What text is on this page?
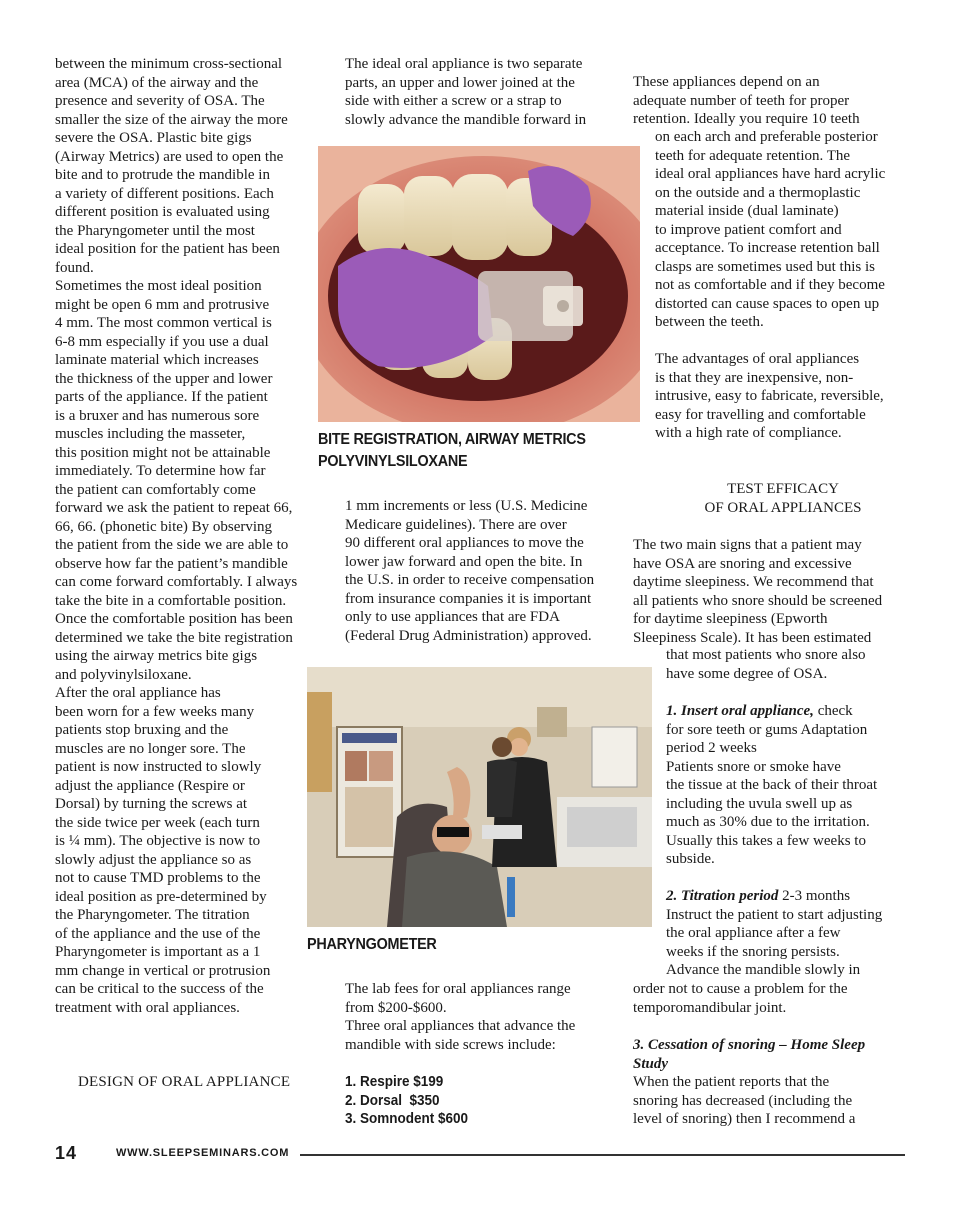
between the minimum cross-sectional
area (MCA) of the airway and the
presence and severity of OSA. The
smaller the size of the airway the more
severe the OSA. Plastic bite gigs
(Airway Metrics) are used to open the
bite and to protrude the mandible in
a variety of different positions. Each
different position is evaluated using
the Pharyngometer until the most
ideal position for the patient has been
found.

Sometimes the most ideal position
might be open 6 mm and protrusive
4 mm. The most common vertical is
6-8 mm especially if you use a dual
laminate material which increases
the thickness of the upper and lower
parts of the appliance. If the patient
is a bruxer and has numerous sore
muscles including the masseter,
this position might not be attainable
immediately. To determine how far
the patient can comfortably come
forward we ask the patient to repeat 66,
66, 66. (phonetic bite) By observing
the patient from the side we are able to
observe how far the patient’s mandible
can come forward comfortably. I always
take the bite in a comfortable position.
Once the comfortable position has been
determined we take the bite registration
using the airway metrics bite gigs
and polyvinylsiloxane.

After the oral appliance has
been worn for a few weeks many
patients stop bruxing and the
muscles are no longer sore. The
patient is now instructed to slowly
adjust the appliance (Respire or
Dorsal) by turning the screws at
the side twice per week (each turn
is ¼ mm). The objective is now to
slowly adjust the appliance so as
not to cause TMD problems to the
ideal position as pre-determined by
the Pharyngometer. The titration
of the appliance and the use of the
Pharyngometer is important as a 1
mm change in vertical or protrusion
can be critical to the success of the
treatment with oral appliances.

DESIGN OF ORAL APPLIANCE

The ideal oral appliance is two separate
parts, an upper and lower joined at the
side with either a screw or a strap to
slowly advance the mandible forward in

BITE REGISTRATION, AIRWAY METRICS
POLYVINYLSILOXANE

1 mm increments or less (U.S. Medicine
Medicare guidelines). There are over
90 different oral appliances to move the
lower jaw forward and open the bite. In
the U.S. in order to receive compensation
from insurance companies it is important
only to use appliances that are FDA
(Federal Drug Administration) approved.

PHARYNGOMETER

The lab fees for oral appliances range
from $200-$600.
Three oral appliances that advance the
mandible with side screws include:

1. Respire $199
2. Dorsal  $350
3. Somnodent $600

These appliances depend on an
adequate number of teeth for proper
retention. Ideally you require 10 teeth

on each arch and preferable posterior
teeth for adequate retention. The
ideal oral appliances have hard acrylic
on the outside and a thermoplastic
material inside (dual laminate)
to improve patient comfort and
acceptance. To increase retention ball
clasps are sometimes used but this is
not as comfortable and if they become
distorted can cause spaces to open up
between the teeth.

The advantages of oral appliances
is that they are inexpensive, non-
intrusive, easy to fabricate, reversible,
easy for travelling and comfortable
with a high rate of compliance.

TEST EFFICACY
OF ORAL APPLIANCES

The two main signs that a patient may
have OSA are snoring and excessive
daytime sleepiness. We recommend that
all patients who snore should be screened
for daytime sleepiness (Epworth
Sleepiness Scale). It has been estimated

that most patients who snore also
have some degree of OSA.

1. Insert oral appliance, check
for sore teeth or gums Adaptation
period 2 weeks
Patients snore or smoke have
the tissue at the back of their throat
including the uvula swell up as
much as 30% due to the irritation.
Usually this takes a few weeks to
subside.
2. Titration period 2-3 months
Instruct the patient to start adjusting
the oral appliance after a few
weeks if the snoring persists.
Advance the mandible slowly in

order not to cause a problem for the
temporomandibular joint.

3. Cessation of snoring – Home Sleep
Study

When the patient reports that the
snoring has decreased (including the
level of snoring) then I recommend a

14	WWW.SLEEPSEMINARS.COM
